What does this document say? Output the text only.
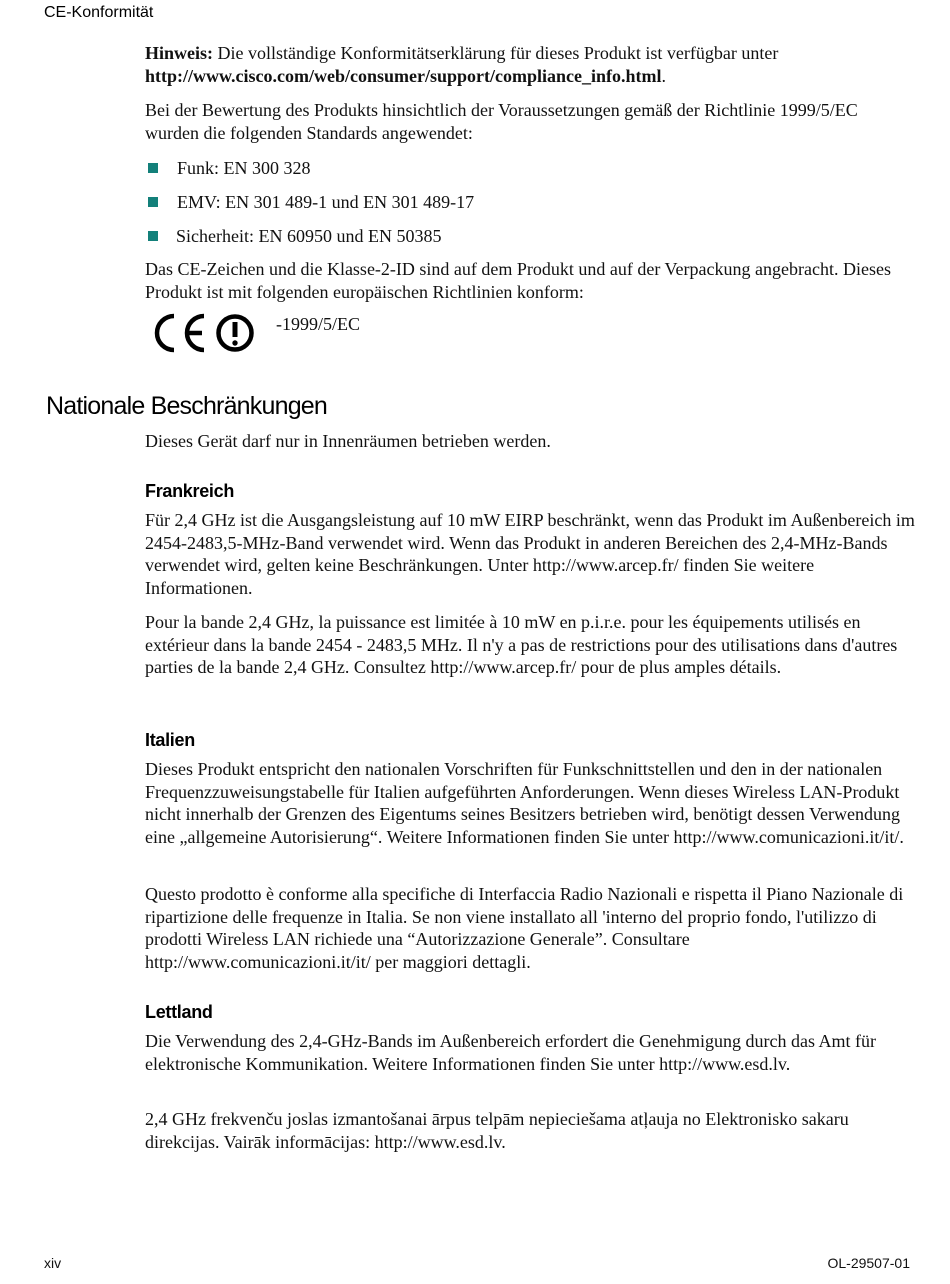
CE-Konformität

Hinweis: Die vollständige Konformitätserklärung für dieses Produkt ist verfügbar unter http://www.cisco.com/web/consumer/support/compliance_info.html.

Bei der Bewertung des Produkts hinsichtlich der Voraussetzungen gemäß der Richtlinie 1999/5/EC wurden die folgenden Standards angewendet:

Funk: EN 300 328
EMV: EN 301 489-1 und EN 301 489-17
Sicherheit: EN 60950 und EN 50385

Das CE-Zeichen und die Klasse-2-ID sind auf dem Produkt und auf der Verpackung angebracht. Dieses Produkt ist mit folgenden europäischen Richtlinien konform:

-1999/5/EC
Nationale Beschränkungen

Dieses Gerät darf nur in Innenräumen betrieben werden.

Frankreich

Für 2,4 GHz ist die Ausgangsleistung auf 10 mW EIRP beschränkt, wenn das Produkt im Außenbereich im 2454-2483,5-MHz-Band verwendet wird. Wenn das Produkt in anderen Bereichen des 2,4-MHz-Bands verwendet wird, gelten keine Beschränkungen. Unter http://www.arcep.fr/ finden Sie weitere Informationen.

Pour la bande 2,4 GHz, la puissance est limitée à 10 mW en p.i.r.e. pour les équipements utilisés en extérieur dans la bande 2454 - 2483,5 MHz. Il n'y a pas de restrictions pour des utilisations dans d'autres parties de la bande 2,4 GHz. Consultez http://www.arcep.fr/ pour de plus amples détails.

Italien

Dieses Produkt entspricht den nationalen Vorschriften für Funkschnittstellen und den in der nationalen Frequenzzuweisungstabelle für Italien aufgeführten Anforderungen. Wenn dieses Wireless LAN-Produkt nicht innerhalb der Grenzen des Eigentums seines Besitzers betrieben wird, benötigt dessen Verwendung eine „allgemeine Autorisierung“. Weitere Informationen finden Sie unter http://www.comunicazioni.it/it/.

Questo prodotto è conforme alla specifiche di Interfaccia Radio Nazionali e rispetta il Piano Nazionale di ripartizione delle frequenze in Italia. Se non viene installato all 'interno del proprio fondo, l'utilizzo di prodotti Wireless LAN richiede una “Autorizzazione Generale”. Consultare http://www.comunicazioni.it/it/ per maggiori dettagli.

Lettland

Die Verwendung des 2,4-GHz-Bands im Außenbereich erfordert die Genehmigung durch das Amt für elektronische Kommunikation. Weitere Informationen finden Sie unter http://www.esd.lv.

2,4 GHz frekvenču joslas izmantošanai ārpus telpām nepieciešama atļauja no Elektronisko sakaru direkcijas. Vairāk informācijas: http://www.esd.lv.

xiv	OL-29507-01
